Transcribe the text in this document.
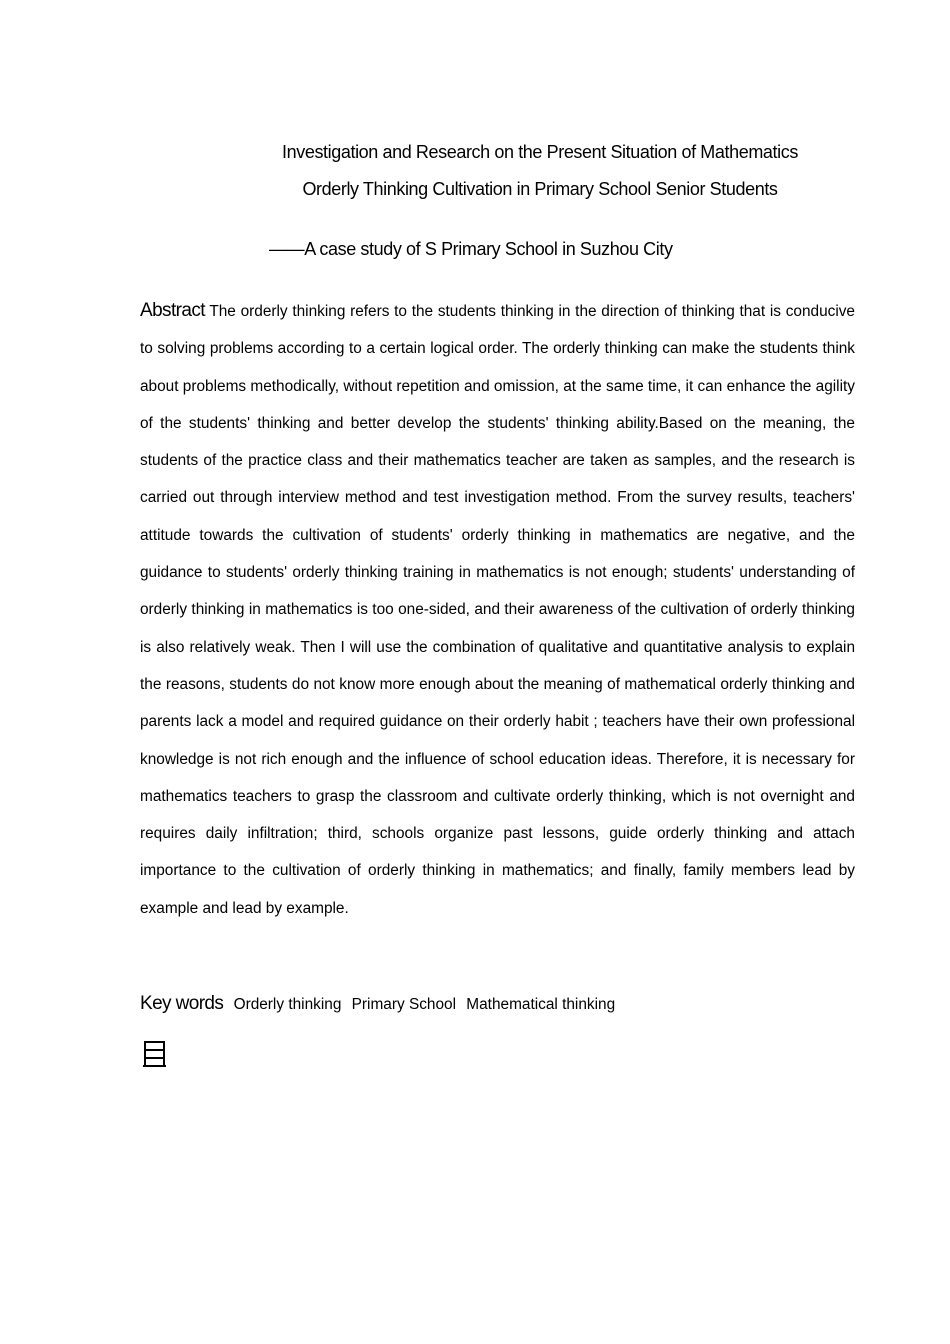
Investigation and Research on the Present Situation of Mathematics
Orderly Thinking Cultivation in Primary School Senior Students
——A case study of S Primary School in Suzhou City

Abstract The orderly thinking refers to the students thinking in the direction of thinking that is conducive to solving problems according to a certain logical order. The orderly thinking can make the students think about problems methodically, without repetition and omission, at the same time, it can enhance the agility of the students' thinking and better develop the students' thinking ability.Based on the meaning, the students of the practice class and their mathematics teacher are taken as samples, and the research is carried out through interview method and test investigation method. From the survey results, teachers' attitude towards the cultivation of students' orderly thinking in mathematics are negative, and the guidance to students' orderly thinking training in mathematics is not enough; students' understanding of orderly thinking in mathematics is too one-sided, and their awareness of the cultivation of orderly thinking is also relatively weak. Then I will use the combination of qualitative and quantitative analysis to explain the reasons, students do not know more enough about the meaning of mathematical orderly thinking and parents lack a model and required guidance on their orderly habit ; teachers have their own professional knowledge is not rich enough and the influence of school education ideas. Therefore, it is necessary for mathematics teachers to grasp the classroom and cultivate orderly thinking, which is not overnight and requires daily infiltration; third, schools organize past lessons, guide orderly thinking and attach importance to the cultivation of orderly thinking in mathematics; and finally, family members lead by example and lead by example.

Key words Orderly thinking Primary School Mathematical thinking
